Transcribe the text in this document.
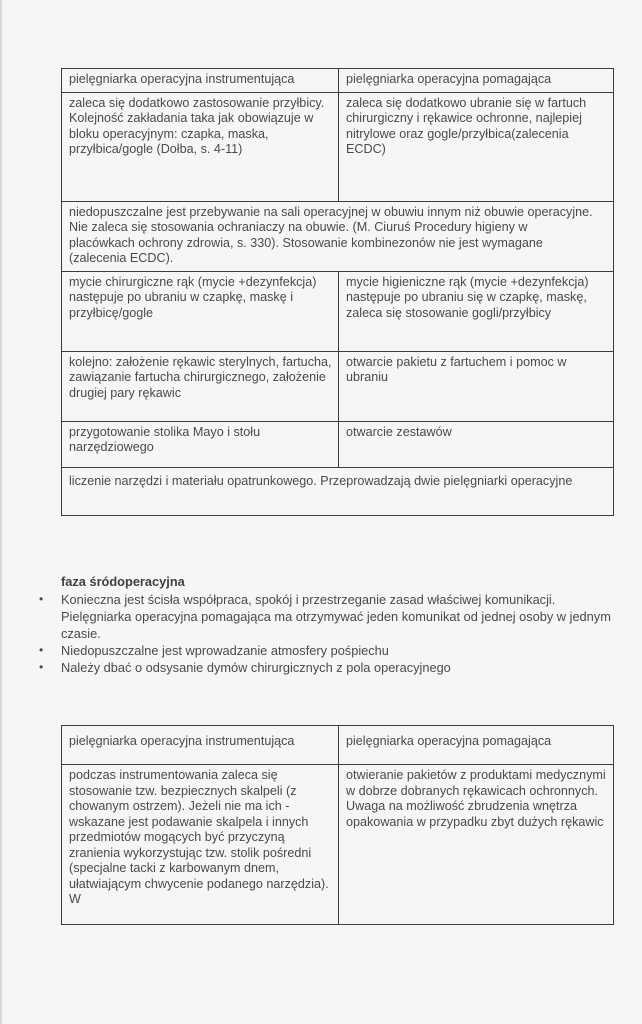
pielęgniarka operacyjna instrumentująca	pielęgniarka operacyjna pomagająca
zaleca się dodatkowo zastosowanie przyłbicy. Kolejność zakładania taka jak obowiązuje w bloku operacyjnym: czapka, maska, przyłbica/gogle (Dołba, s. 4-11)	zaleca się dodatkowo ubranie się w fartuch chirurgiczny i rękawice ochronne, najlepiej nitrylowe oraz gogle/przyłbica(zalecenia ECDC)
niedopuszczalne jest przebywanie na sali operacyjnej w obuwiu innym niż obuwie operacyjne. Nie zaleca się stosowania ochraniaczy na obuwie. (M. Ciuruś Procedury higieny w placówkach ochrony zdrowia, s. 330). Stosowanie kombinezonów nie jest wymagane (zalecenia ECDC).	
mycie chirurgiczne rąk (mycie +dezynfekcja) następuje po ubraniu w czapkę, maskę i przyłbicę/gogle	mycie higieniczne rąk (mycie +dezynfekcja) następuje po ubraniu się w czapkę, maskę, zaleca się stosowanie gogli/przyłbicy
kolejno: założenie rękawic sterylnych, fartucha, zawiązanie fartucha chirurgicznego, założenie drugiej pary rękawic	otwarcie pakietu z fartuchem i pomoc w ubraniu
przygotowanie stolika Mayo i stołu narzędziowego	otwarcie zestawów
liczenie narzędzi i materiału opatrunkowego. Przeprowadzają dwie pielęgniarki operacyjne	
faza śródoperacyjna
• Konieczna jest ścisła współpraca, spokój i przestrzeganie zasad właściwej komunikacji. Pielęgniarka operacyjna pomagająca ma otrzymywać jeden komunikat od jednej osoby w jednym czasie.
• Niedopuszczalne jest wprowadzanie atmosfery pośpiechu
• Należy dbać o odsysanie dymów chirurgicznych z pola operacyjnego
pielęgniarka operacyjna instrumentująca	pielęgniarka operacyjna pomagająca
podczas instrumentowania zaleca się stosowanie tzw. bezpiecznych skalpeli (z chowanym ostrzem). Jeżeli nie ma ich - wskazane jest podawanie skalpela i innych przedmiotów mogących być przyczyną zranienia wykorzystując tzw. stolik pośredni (specjalne tacki z karbowanym dnem, ułatwiającym chwycenie podanego narzędzia). W	otwieranie pakietów z produktami medycznymi w dobrze dobranych rękawicach ochronnych.
Uwaga na możliwość zbrudzenia wnętrza opakowania w przypadku zbyt dużych rękawic
